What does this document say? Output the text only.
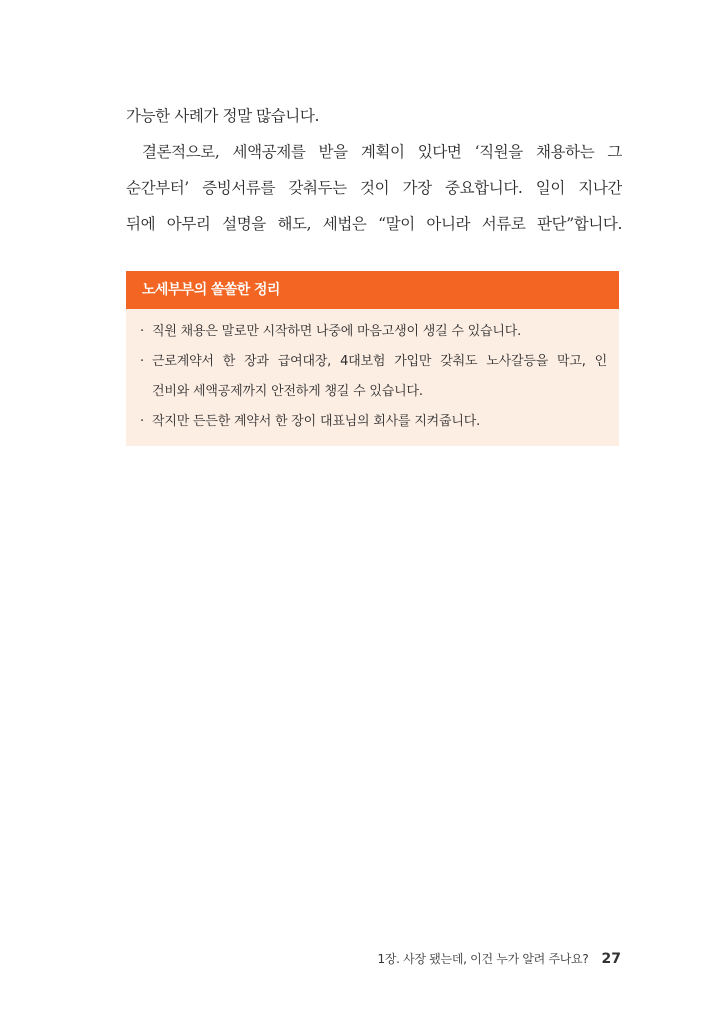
가능한 사례가 정말 많습니다.
결론적으로, 세액공제를 받을 계획이 있다면 ‘직원을 채용하는 그
순간부터’ 증빙서류를 갖춰두는 것이 가장 중요합니다. 일이 지나간
뒤에 아무리 설명을 해도, 세법은 “말이 아니라 서류로 판단”합니다.
노세부부의 쏠쏠한 정리
· 직원 채용은 말로만 시작하면 나중에 마음고생이 생길 수 있습니다.
· 근로계약서 한 장과 급여대장, 4대보험 가입만 갖춰도 노사갈등을 막고, 인
건비와 세액공제까지 안전하게 챙길 수 있습니다.
· 작지만 든든한 계약서 한 장이 대표님의 회사를 지켜줍니다.
1장. 사장 됐는데, 이건 누가 알려 주나요? 27
